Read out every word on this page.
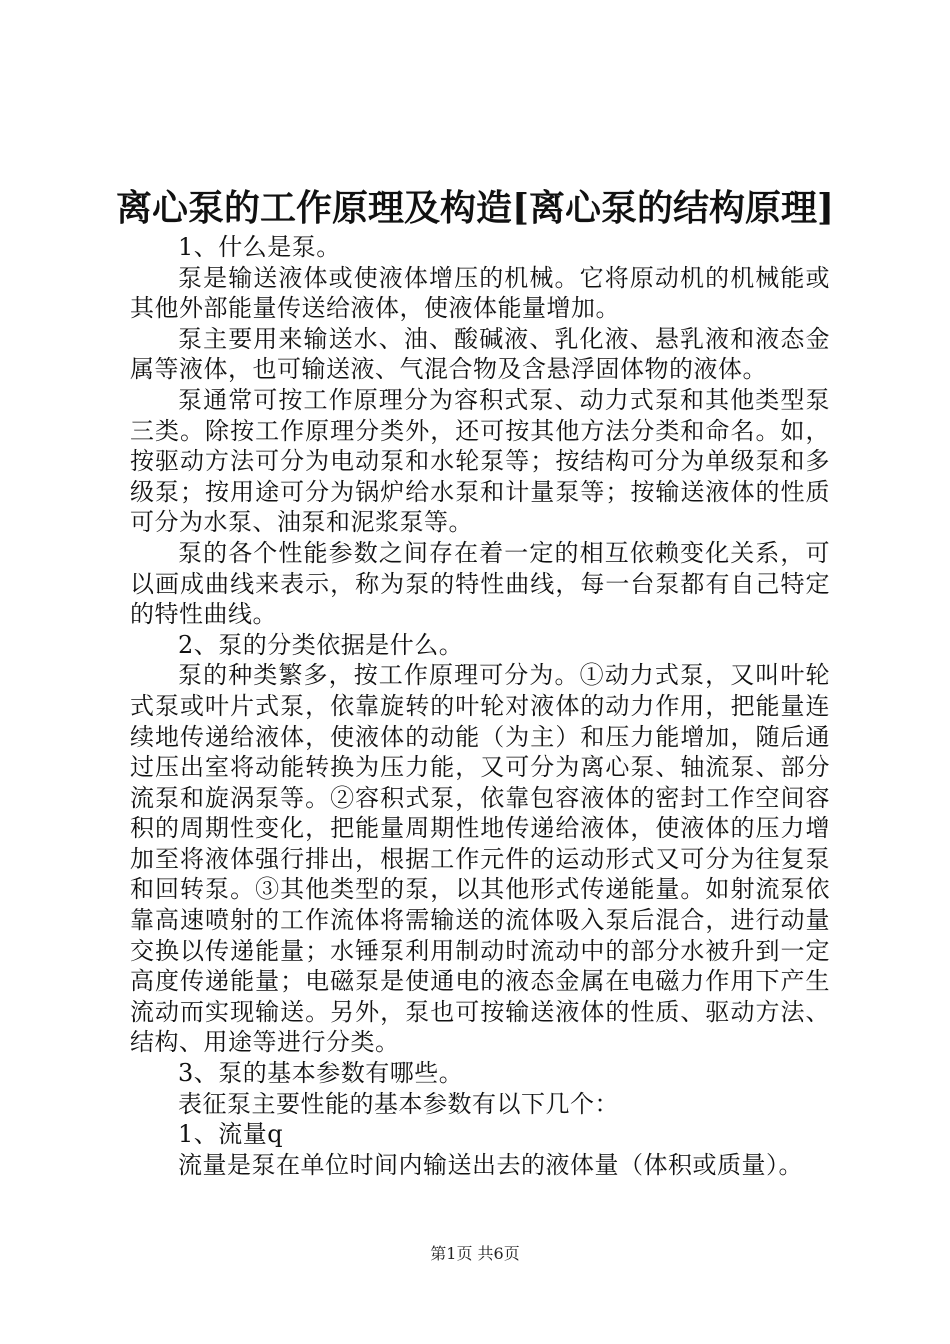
离心泵的工作原理及构造[离心泵的结构原理]

1、什么是泵。

泵是输送液体或使液体增压的机械。它将原动机的机械能或其他外部能量传送给液体，使液体能量增加。

泵主要用来输送水、油、酸碱液、乳化液、悬乳液和液态金属等液体，也可输送液、气混合物及含悬浮固体物的液体。

泵通常可按工作原理分为容积式泵、动力式泵和其他类型泵三类。除按工作原理分类外，还可按其他方法分类和命名。如，按驱动方法可分为电动泵和水轮泵等；按结构可分为单级泵和多级泵；按用途可分为锅炉给水泵和计量泵等；按输送液体的性质可分为水泵、油泵和泥浆泵等。

泵的各个性能参数之间存在着一定的相互依赖变化关系，可以画成曲线来表示，称为泵的特性曲线，每一台泵都有自己特定的特性曲线。

2、泵的分类依据是什么。

泵的种类繁多，按工作原理可分为。①动力式泵，又叫叶轮式泵或叶片式泵，依靠旋转的叶轮对液体的动力作用，把能量连续地传递给液体，使液体的动能（为主）和压力能增加，随后通过压出室将动能转换为压力能，又可分为离心泵、轴流泵、部分流泵和旋涡泵等。②容积式泵，依靠包容液体的密封工作空间容积的周期性变化，把能量周期性地传递给液体，使液体的压力增加至将液体强行排出，根据工作元件的运动形式又可分为往复泵和回转泵。③其他类型的泵，以其他形式传递能量。如射流泵依靠高速喷射的工作流体将需输送的流体吸入泵后混合，进行动量交换以传递能量；水锤泵利用制动时流动中的部分水被升到一定高度传递能量；电磁泵是使通电的液态金属在电磁力作用下产生流动而实现输送。另外，泵也可按输送液体的性质、驱动方法、结构、用途等进行分类。

3、泵的基本参数有哪些。

表征泵主要性能的基本参数有以下几个：

1、流量q

流量是泵在单位时间内输送出去的液体量（体积或质量）。

第1页 共6页
